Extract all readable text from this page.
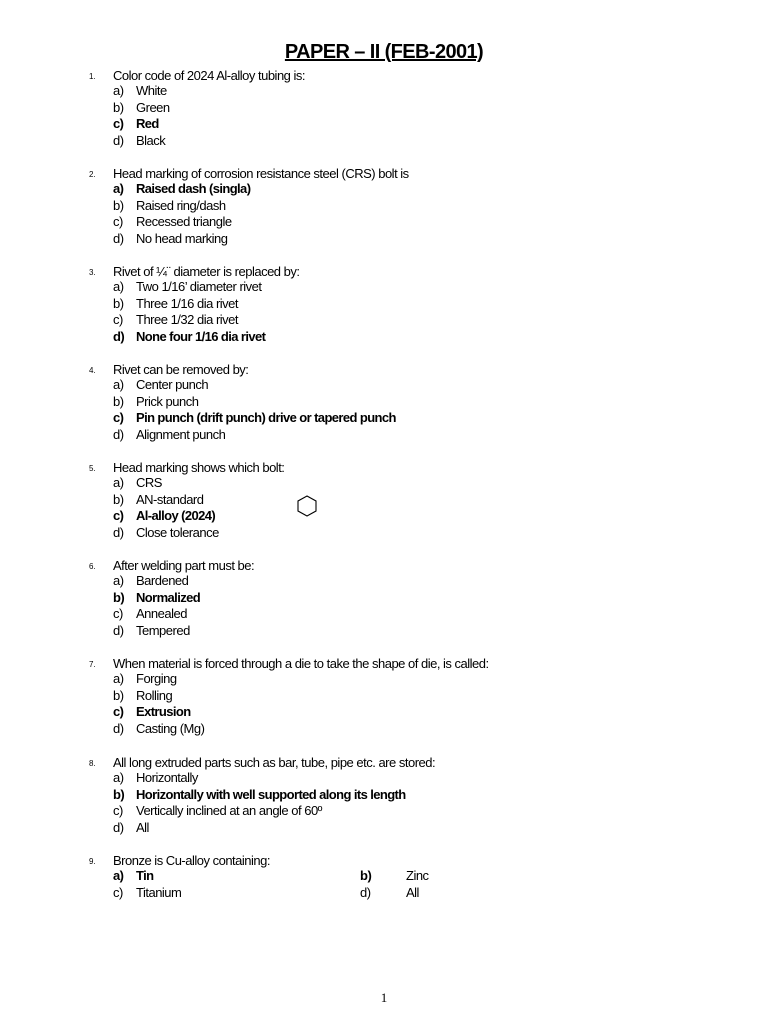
PAPER – II (FEB-2001)
1. Color code of 2024 Al-alloy tubing is:
a) White
b) Green
c) Red
d) Black
2. Head marking of corrosion resistance steel (CRS) bolt is
a) Raised dash (singla)
b) Raised ring/dash
c) Recessed triangle
d) No head marking
3. Rivet of ¼¨ diameter is replaced by:
a) Two 1/16’ diameter rivet
b) Three 1/16 dia rivet
c) Three 1/32 dia rivet
d) None four 1/16 dia rivet
4. Rivet can be removed by:
a) Center punch
b) Prick punch
c) Pin punch (drift punch) drive or tapered punch
d) Alignment punch
5. Head marking shows which bolt:
a) CRS
b) AN-standard
c) Al-alloy (2024)
d) Close tolerance
6. After welding part must be:
a) Bardened
b) Normalized
c) Annealed
d) Tempered
7. When material is forced through a die to take the shape of die, is called:
a) Forging
b) Rolling
c) Extrusion
d) Casting (Mg)
8. All long extruded parts such as bar, tube, pipe etc. are stored:
a) Horizontally
b) Horizontally with well supported along its length
c) Vertically inclined at an angle of 60º
d) All
9. Bronze is Cu-alloy containing:
a) Tin	b)	Zinc
c) Titanium	d)	All
1
